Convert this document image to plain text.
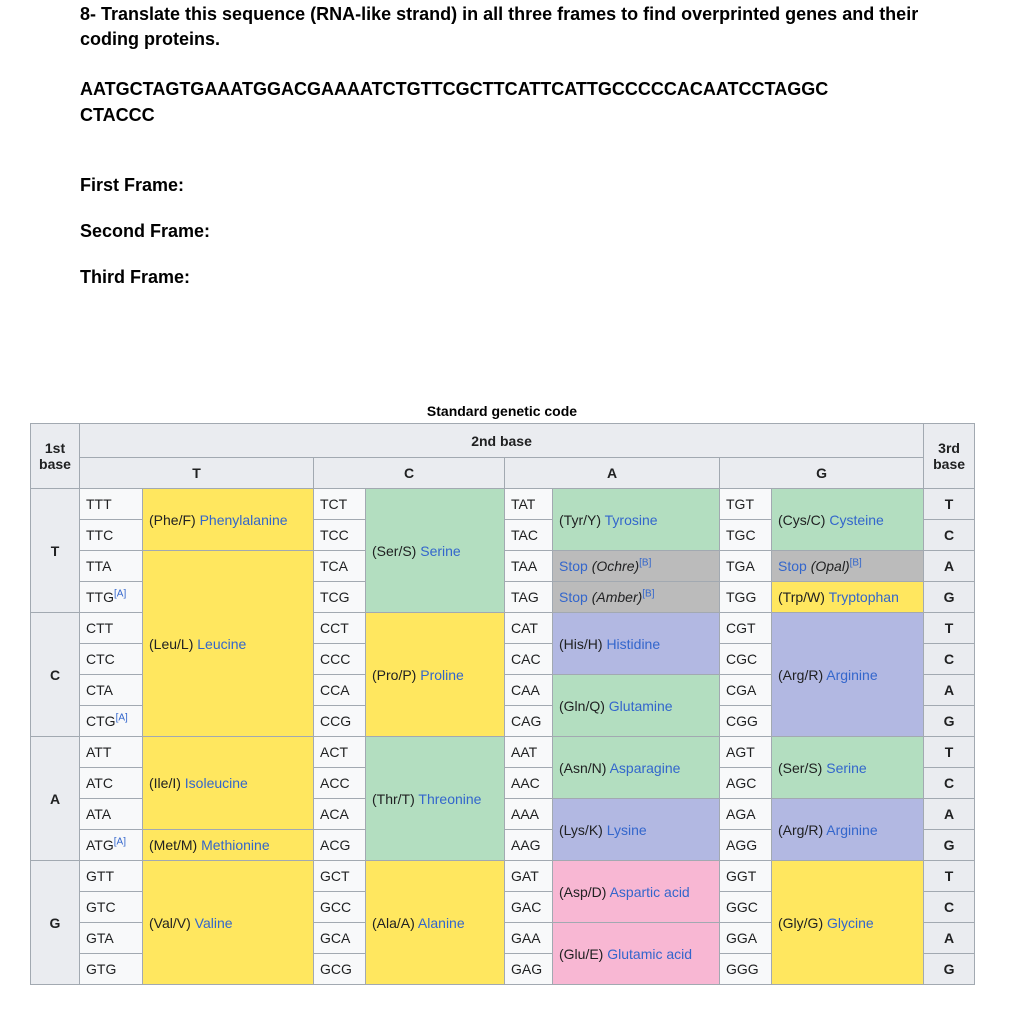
8- Translate this sequence (RNA-like strand) in all three frames to find overprinted genes and their coding proteins.

AATGCTAGTGAAATGGACGAAAATCTGTTCGCTTCATTCATTGCCCCCACAATCCTAGGC
CTACCC

First Frame:

Second Frame:

Third Frame:

Standard genetic code
1st base	2nd base								3rd base
	T		C		A		G		
T	TTT	(Phe/F) Phenylalanine	TCT	(Ser/S) Serine	TAT	(Tyr/Y) Tyrosine	TGT	(Cys/C) Cysteine	T
	TTC		TCC		TAC		TGC		C
	TTA	(Leu/L) Leucine	TCA		TAA	Stop (Ochre)[B]	TGA	Stop (Opal)[B]	A
	TTG[A]		TCG		TAG	Stop (Amber)[B]	TGG	(Trp/W) Tryptophan	G
C	CTT		CCT	(Pro/P) Proline	CAT	(His/H) Histidine	CGT	(Arg/R) Arginine	T
	CTC		CCC		CAC		CGC		C
	CTA		CCA		CAA	(Gln/Q) Glutamine	CGA		A
	CTG[A]		CCG		CAG		CGG		G
A	ATT	(Ile/I) Isoleucine	ACT	(Thr/T) Threonine	AAT	(Asn/N) Asparagine	AGT	(Ser/S) Serine	T
	ATC		ACC		AAC		AGC		C
	ATA		ACA		AAA	(Lys/K) Lysine	AGA	(Arg/R) Arginine	A
	ATG[A]	(Met/M) Methionine	ACG		AAG		AGG		G
G	GTT	(Val/V) Valine	GCT	(Ala/A) Alanine	GAT	(Asp/D) Aspartic acid	GGT	(Gly/G) Glycine	T
	GTC		GCC		GAC		GGC		C
	GTA		GCA		GAA	(Glu/E) Glutamic acid	GGA		A
	GTG		GCG		GAG		GGG		G
